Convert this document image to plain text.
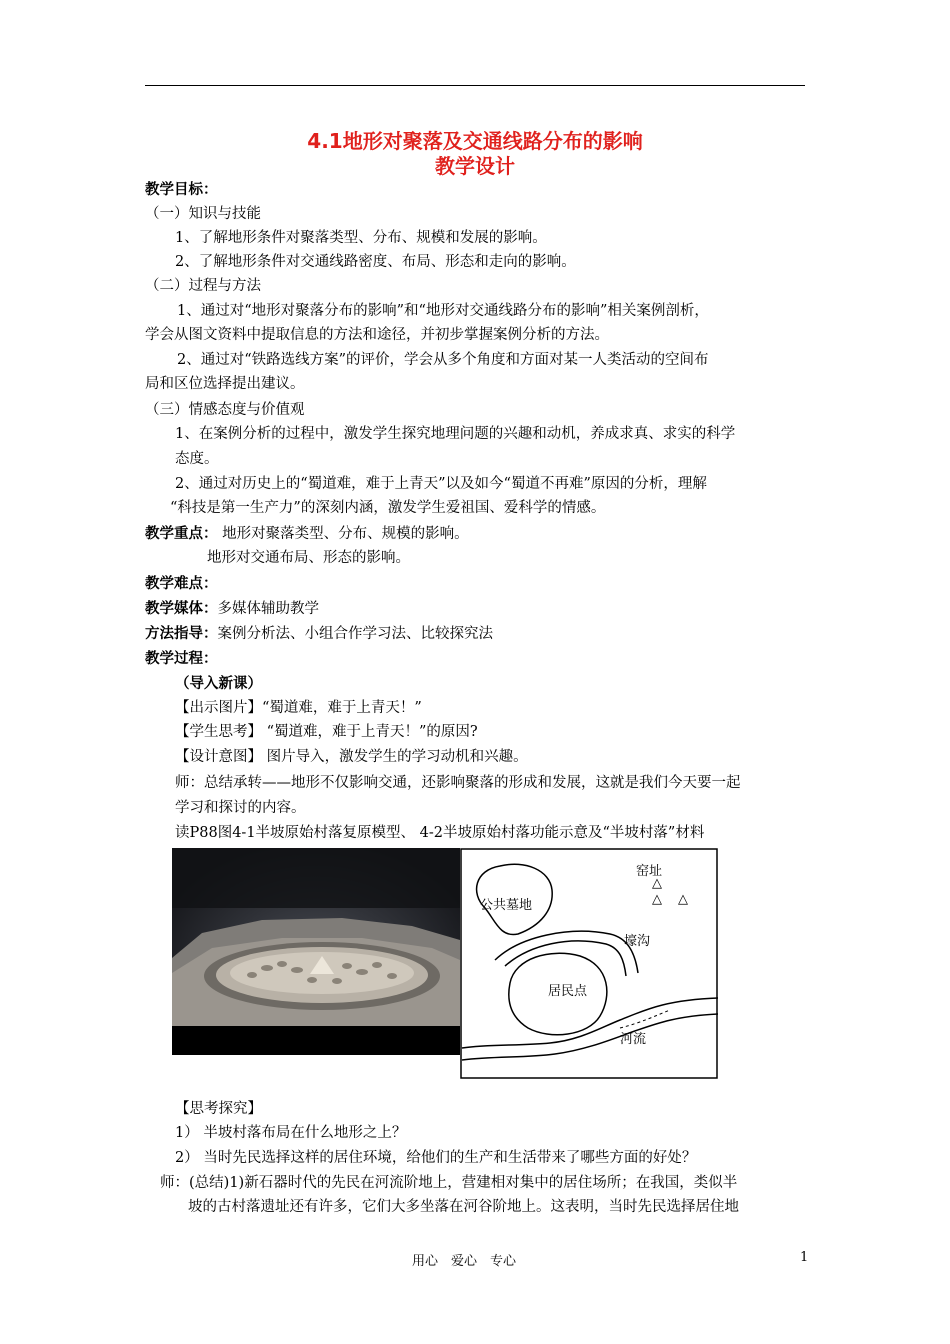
4.1地形对聚落及交通线路分布的影响
教学设计
教学目标：
（一）知识与技能
1、了解地形条件对聚落类型、分布、规模和发展的影响。
2、了解地形条件对交通线路密度、布局、形态和走向的影响。
（二）过程与方法
1、通过对“地形对聚落分布的影响”和“地形对交通线路分布的影响”相关案例剖析，
学会从图文资料中提取信息的方法和途径，并初步掌握案例分析的方法。
2、通过对“铁路选线方案”的评价，学会从多个角度和方面对某一人类活动的空间布
局和区位选择提出建议。
（三）情感态度与价值观
1、在案例分析的过程中，激发学生探究地理问题的兴趣和动机，养成求真、求实的科学
态度。
2、通过对历史上的“蜀道难，难于上青天”以及如今“蜀道不再难”原因的分析，理解
“科技是第一生产力”的深刻内涵，激发学生爱祖国、爱科学的情感。
教学重点： 地形对聚落类型、分布、规模的影响。
地形对交通布局、形态的影响。
教学难点：
教学媒体：多媒体辅助教学
方法指导：案例分析法、小组合作学习法、比较探究法
教学过程：
（导入新课）
【出示图片】“蜀道难，难于上青天！”
【学生思考】 “蜀道难，难于上青天！”的原因?
【设计意图】 图片导入，激发学生的学习动机和兴趣。
师：总结承转——地形不仅影响交通，还影响聚落的形成和发展，这就是我们今天要一起
学习和探讨的内容。
读P88图4-1半坡原始村落复原模型、 4-2半坡原始村落功能示意及“半坡村落”材料
窑址
△
△ △
公共墓地
壕沟
居民点
河流
【思考探究】
1） 半坡村落布局在什么地形之上？
2） 当时先民选择这样的居住环境，给他们的生产和生活带来了哪些方面的好处？
师：(总结)1)新石器时代的先民在河流阶地上，营建相对集中的居住场所；在我国，类似半
坡的古村落遗址还有许多，它们大多坐落在河谷阶地上。这表明，当时先民选择居住地
用心　爱心　专心	1
